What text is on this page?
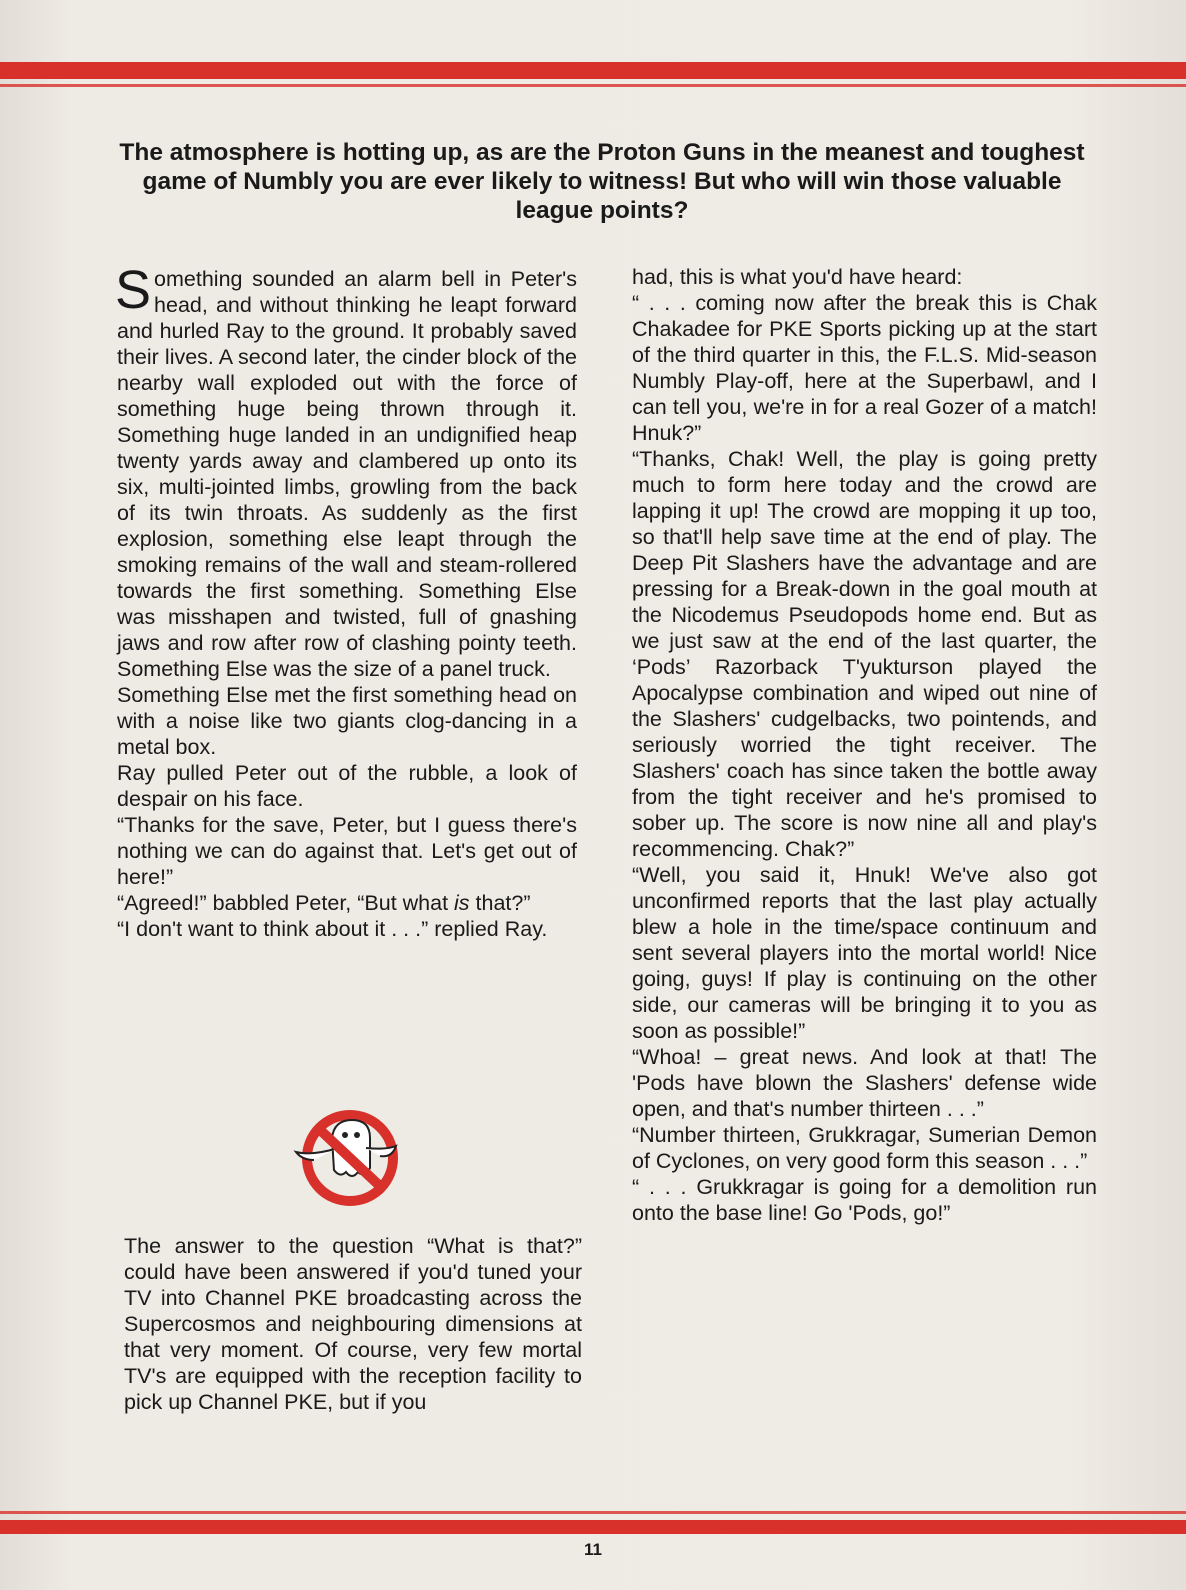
The atmosphere is hotting up, as are the Proton Guns in the meanest and toughest game of Numbly you are ever likely to witness! But who will win those valuable league points?

Something sounded an alarm bell in Peter's head, and without thinking he leapt forward and hurled Ray to the ground. It probably saved their lives. A second later, the cinder block of the nearby wall exploded out with the force of something huge being thrown through it. Something huge landed in an undignified heap twenty yards away and clambered up onto its six, multi-jointed limbs, growling from the back of its twin throats. As suddenly as the first explosion, something else leapt through the smoking remains of the wall and steam-rollered towards the first something. Something Else was misshapen and twisted, full of gnashing jaws and row after row of clashing pointy teeth. Something Else was the size of a panel truck.

Something Else met the first something head on with a noise like two giants clog-dancing in a metal box.

Ray pulled Peter out of the rubble, a look of despair on his face.

“Thanks for the save, Peter, but I guess there's nothing we can do against that. Let's get out of here!”

“Agreed!” babbled Peter, “But what is that?”

“I don't want to think about it . . .” replied Ray.

The answer to the question “What is that?” could have been answered if you'd tuned your TV into Channel PKE broadcasting across the Supercosmos and neighbouring dimensions at that very moment. Of course, very few mortal TV's are equipped with the reception facility to pick up Channel PKE, but if you

had, this is what you'd have heard:

“ . . . coming now after the break this is Chak Chakadee for PKE Sports picking up at the start of the third quarter in this, the F.L.S. Mid-season Numbly Play-off, here at the Superbawl, and I can tell you, we're in for a real Gozer of a match! Hnuk?”

“Thanks, Chak! Well, the play is going pretty much to form here today and the crowd are lapping it up! The crowd are mopping it up too, so that'll help save time at the end of play. The Deep Pit Slashers have the advantage and are pressing for a Break-down in the goal mouth at the Nicodemus Pseudopods home end. But as we just saw at the end of the last quarter, the ‘Pods’ Razorback T'yukturson played the Apocalypse combination and wiped out nine of the Slashers' cudgelbacks, two pointends, and seriously worried the tight receiver. The Slashers' coach has since taken the bottle away from the tight receiver and he's promised to sober up. The score is now nine all and play's recommencing. Chak?”

“Well, you said it, Hnuk! We've also got unconfirmed reports that the last play actually blew a hole in the time/space continuum and sent several players into the mortal world! Nice going, guys! If play is continuing on the other side, our cameras will be bringing it to you as soon as possible!”

“Whoa! – great news. And look at that! The 'Pods have blown the Slashers' defense wide open, and that's number thirteen . . .”

“Number thirteen, Grukkragar, Sumerian Demon of Cyclones, on very good form this season . . .”

“ . . . Grukkragar is going for a demolition run onto the base line! Go 'Pods, go!”

11
